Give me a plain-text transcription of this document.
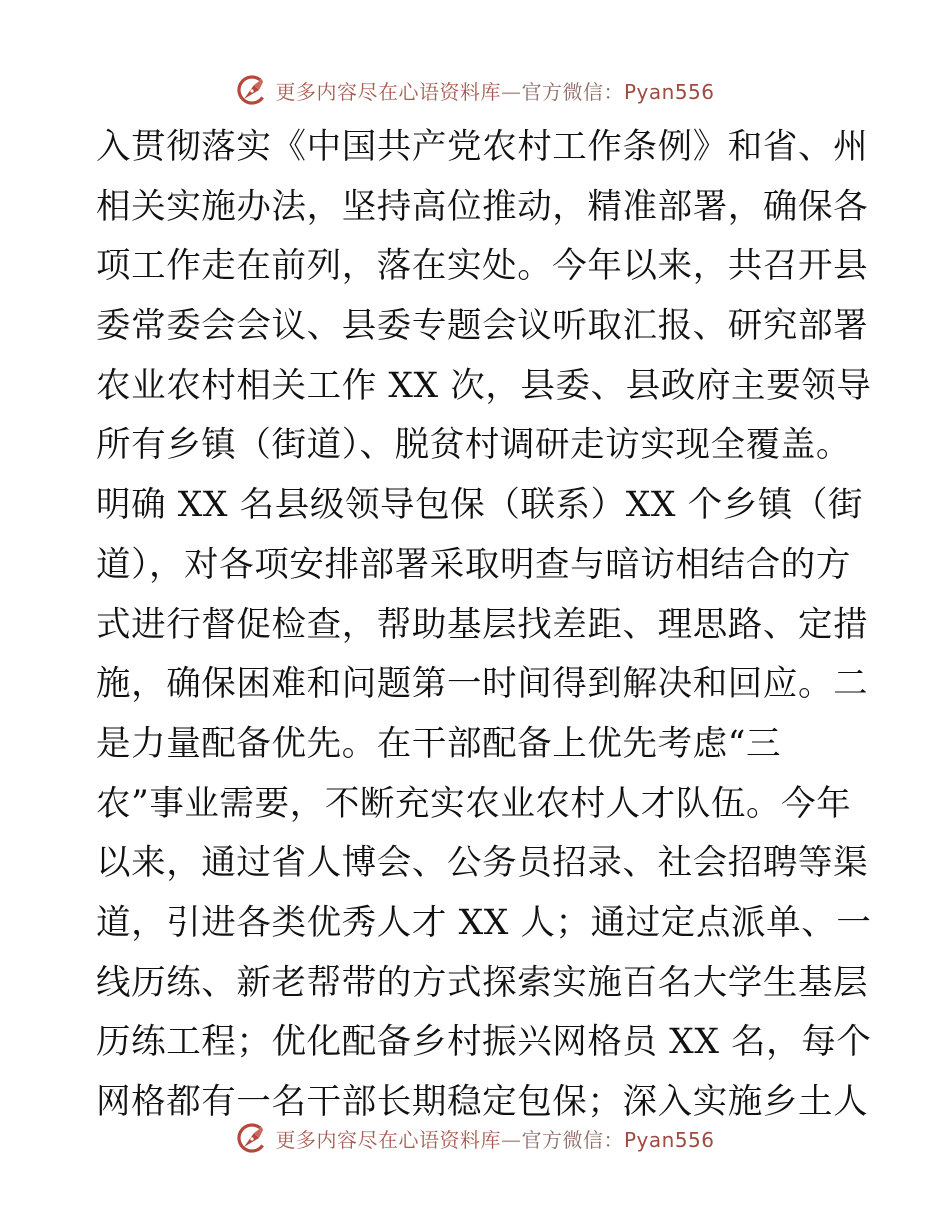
更多内容尽在心语资料库—官方微信：Pyan556
入贯彻落实《中国共产党农村工作条例》和省、州
相关实施办法，坚持高位推动，精准部署，确保各
项工作走在前列，落在实处。今年以来，共召开县
委常委会会议、县委专题会议听取汇报、研究部署
农业农村相关工作 XX 次，县委、县政府主要领导
所有乡镇（街道）、脱贫村调研走访实现全覆盖。
明确 XX 名县级领导包保（联系）XX 个乡镇（街
道），对各项安排部署采取明查与暗访相结合的方
式进行督促检查，帮助基层找差距、理思路、定措
施，确保困难和问题第一时间得到解决和回应。二
是力量配备优先。在干部配备上优先考虑“三
农”事业需要，不断充实农业农村人才队伍。今年
以来，通过省人博会、公务员招录、社会招聘等渠
道，引进各类优秀人才 XX 人；通过定点派单、一
线历练、新老帮带的方式探索实施百名大学生基层
历练工程；优化配备乡村振兴网格员 XX 名，每个
网格都有一名干部长期稳定包保；深入实施乡土人
更多内容尽在心语资料库—官方微信：Pyan556
